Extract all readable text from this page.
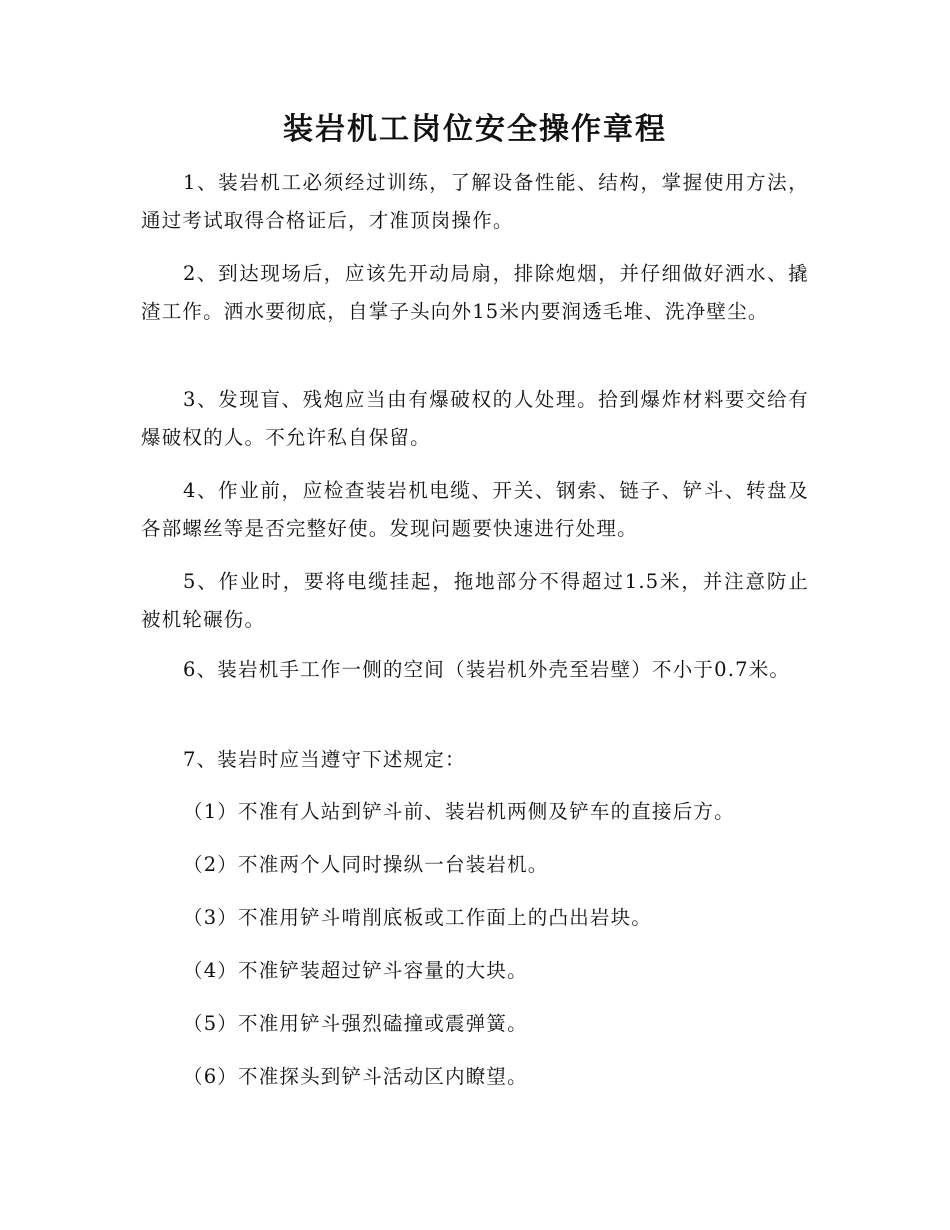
装岩机工岗位安全操作章程

1、装岩机工必须经过训练，了解设备性能、结构，掌握使用方法，通过考试取得合格证后，才准顶岗操作。

2、到达现场后，应该先开动局扇，排除炮烟，并仔细做好洒水、撬渣工作。洒水要彻底，自掌子头向外15米内要润透毛堆、洗净壁尘。

3、发现盲、残炮应当由有爆破权的人处理。拾到爆炸材料要交给有爆破权的人。不允许私自保留。

4、作业前，应检查装岩机电缆、开关、钢索、链子、铲斗、转盘及各部螺丝等是否完整好使。发现问题要快速进行处理。

5、作业时，要将电缆挂起，拖地部分不得超过1.5米，并注意防止被机轮碾伤。

6、装岩机手工作一侧的空间（装岩机外壳至岩壁）不小于0.7米。

7、装岩时应当遵守下述规定：

（1）不准有人站到铲斗前、装岩机两侧及铲车的直接后方。

（2）不准两个人同时操纵一台装岩机。

（3）不准用铲斗啃削底板或工作面上的凸出岩块。

（4）不准铲装超过铲斗容量的大块。

（5）不准用铲斗强烈磕撞或震弹簧。

（6）不准探头到铲斗活动区内瞭望。
